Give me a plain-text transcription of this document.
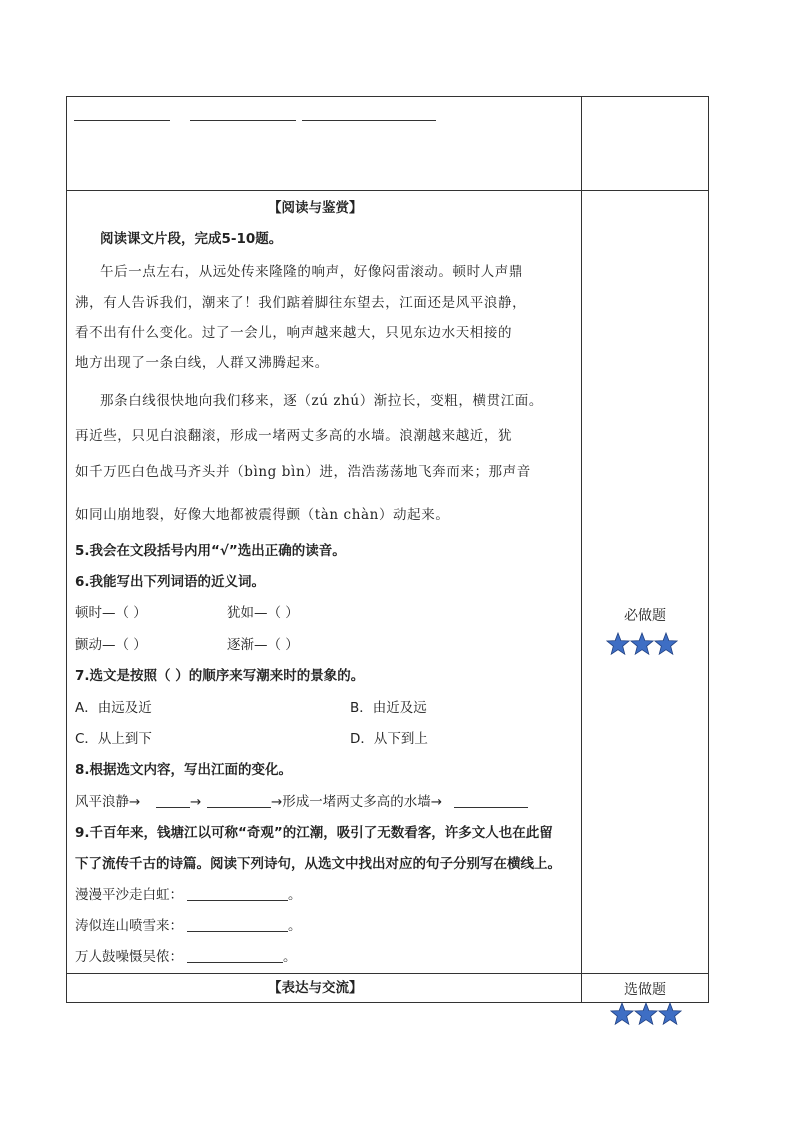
【阅读与鉴赏】
阅读课文片段，完成5-10题。
午后一点左右，从远处传来隆隆的响声，好像闷雷滚动。顿时人声鼎
沸，有人告诉我们，潮来了！我们踮着脚往东望去，江面还是风平浪静，
看不出有什么变化。过了一会儿，响声越来越大，只见东边水天相接的
地方出现了一条白线，人群又沸腾起来。
那条白线很快地向我们移来，逐（zú zhú）渐拉长，变粗，横贯江面。
再近些，只见白浪翻滚，形成一堵两丈多高的水墙。浪潮越来越近，犹
如千万匹白色战马齐头并（bìng bìn）进，浩浩荡荡地飞奔而来；那声音
如同山崩地裂，好像大地都被震得颤（tàn chàn）动起来。
5.我会在文段括号内用“√”选出正确的读音。
6.我能写出下列词语的近义词。
顿时—（ ）	犹如—（ ）
颤动—（ ）	逐渐—（ ）
7.选文是按照（ ）的顺序来写潮来时的景象的。
A．由远及近	B．由近及远
C．从上到下	D．从下到上
8.根据选文内容，写出江面的变化。
风平浪静→	→	→形成一堵两丈多高的水墙→
9.千百年来，钱塘江以可称“奇观”的江潮，吸引了无数看客，许多文人也在此留
下了流传千古的诗篇。阅读下列诗句，从选文中找出对应的句子分别写在横线上。
漫漫平沙走白虹：	。
涛似连山喷雪来：	。
万人鼓噪慑吴侬：	。
【表达与交流】
必做题
选做题
